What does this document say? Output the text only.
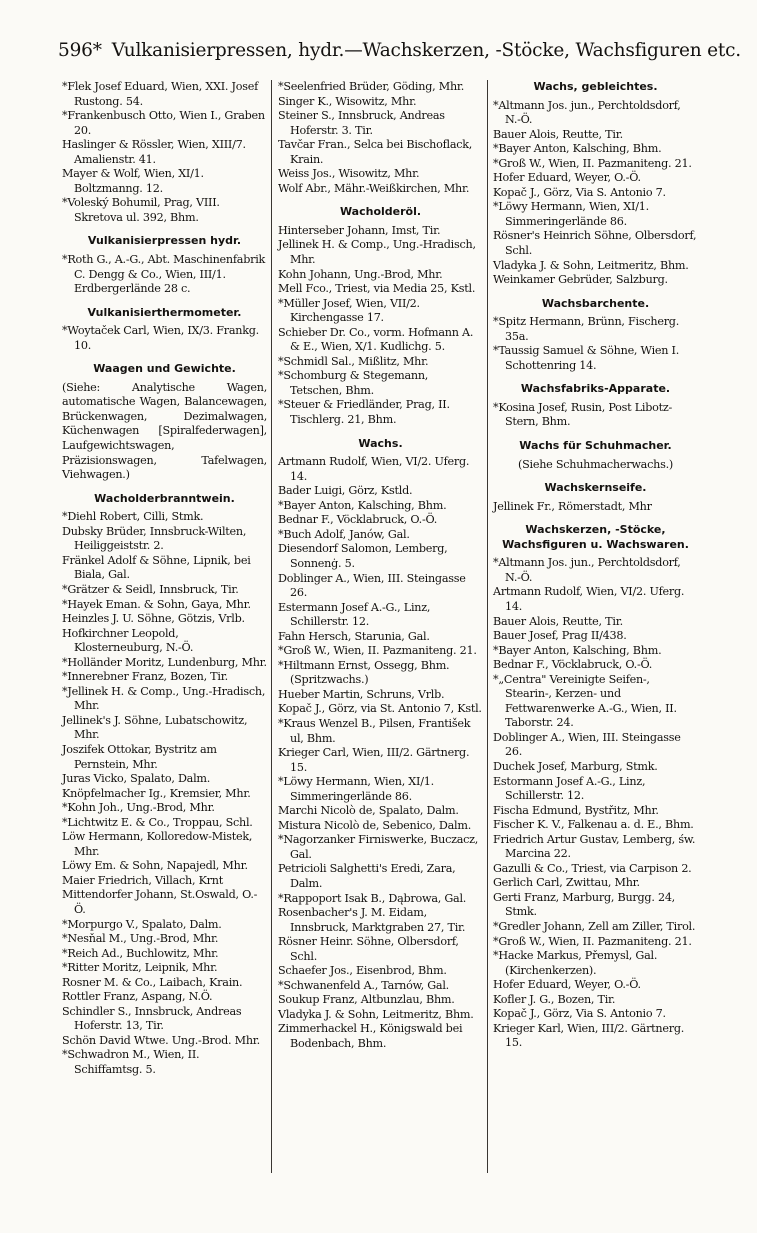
596* Vulkanisierpressen, hydr.—Wachskerzen, -Stöcke, Wachsfiguren etc.
*Flek Josef Eduard, Wien, XXI. Josef Rustong. 54.
*Frankenbusch Otto, Wien I., Graben 20.
Haslinger & Rössler, Wien, XIII/7. Amalienstr. 41.
Mayer & Wolf, Wien, XI/1. Boltzmanng. 12.
*Voleský Bohumil, Prag, VIII. Skretova ul. 392, Bhm.
Vulkanisierpressen hydr.
*Roth G., A.-G., Abt. Maschinenfabrik C. Dengg & Co., Wien, III/1. Erdbergerlände 28 c.
Vulkanisierthermometer.
*Woytaček Carl, Wien, IX/3. Frankg. 10.
Waagen und Gewichte.
(Siehe: Analytische Wagen, automatische Wagen, Balancewagen, Brückenwagen, Dezimalwagen, Küchenwagen [Spiralfederwagen], Laufgewichtswagen, Präzisionswagen, Tafelwagen, Viehwagen.)
Wacholderbranntwein.
*Diehl Robert, Cilli, Stmk.
Dubsky Brüder, Innsbruck-Wilten, Heiliggeiststr. 2.
Fränkel Adolf & Söhne, Lipnik, bei Biala, Gal.
*Grätzer & Seidl, Innsbruck, Tir.
*Hayek Eman. & Sohn, Gaya, Mhr.
Heinzles J. U. Söhne, Götzis, Vrlb.
Hofkirchner Leopold, Klosterneuburg, N.-Ö.
*Holländer Moritz, Lundenburg, Mhr.
*Innerebner Franz, Bozen, Tir.
*Jellinek H. & Comp., Ung.-Hradisch, Mhr.
Jellinek's J. Söhne, Lubatschowitz, Mhr.
Joszifek Ottokar, Bystritz am Pernstein, Mhr.
Juras Vicko, Spalato, Dalm.
Knöpfelmacher Ig., Kremsier, Mhr.
*Kohn Joh., Ung.-Brod, Mhr.
*Lichtwitz E. & Co., Troppau, Schl.
Löw Hermann, Kolloredow-Mistek, Mhr.
Löwy Em. & Sohn, Napajedl, Mhr.
Maier Friedrich, Villach, Krnt
Mittendorfer Johann, St.Oswald, O.-Ö.
*Morpurgo V., Spalato, Dalm.
*Nesňal M., Ung.-Brod, Mhr.
*Reich Ad., Buchlowitz, Mhr.
*Ritter Moritz, Leipnik, Mhr.
Rosner M. & Co., Laibach, Krain.
Rottler Franz, Aspang, N.Ö.
Schindler S., Innsbruck, Andreas Hoferstr. 13, Tir.
Schön David Wtwe. Ung.-Brod. Mhr.
*Schwadron M., Wien, II. Schiffamtsg. 5.
*Seelenfried Brüder, Göding, Mhr.
Singer K., Wisowitz, Mhr.
Steiner S., Innsbruck, Andreas Hoferstr. 3. Tir.
Tavčar Fran., Selca bei Bischoflack, Krain.
Weiss Jos., Wisowitz, Mhr.
Wolf Abr., Mähr.-Weißkirchen, Mhr.
Wacholderöl.
Hinterseber Johann, Imst, Tir.
Jellinek H. & Comp., Ung.-Hradisch, Mhr.
Kohn Johann, Ung.-Brod, Mhr.
Mell Fco., Triest, via Media 25, Kstl.
*Müller Josef, Wien, VII/2. Kirchengasse 17.
Schieber Dr. Co., vorm. Hofmann A. & E., Wien, X/1. Kudlichg. 5.
*Schmidl Sal., Mißlitz, Mhr.
*Schomburg & Stegemann, Tetschen, Bhm.
*Steuer & Friedländer, Prag, II. Tischlerg. 21, Bhm.
Wachs.
Artmann Rudolf, Wien, VI/2. Uferg. 14.
Bader Luigi, Görz, Kstld.
*Bayer Anton, Kalsching, Bhm.
Bednar F., Vöcklabruck, O.-Ö.
*Buch Adolf, Janów, Gal.
Diesendorf Salomon, Lemberg, Sonnenġ. 5.
Doblinger A., Wien, III. Steingasse 26.
Estermann Josef A.-G., Linz, Schillerstr. 12.
Fahn Hersch, Starunia, Gal.
*Groß W., Wien, II. Pazmaniteng. 21.
*Hiltmann Ernst, Ossegg, Bhm. (Spritzwachs.)
Hueber Martin, Schruns, Vrlb.
Kopač J., Görz, via St. Antonio 7, Kstl.
*Kraus Wenzel B., Pilsen, František ul, Bhm.
Krieger Carl, Wien, III/2. Gärtnerg. 15.
*Löwy Hermann, Wien, XI/1. Simmeringerlände 86.
Marchi Nicolò de, Spalato, Dalm.
Mistura Nicolò de, Sebenico, Dalm.
*Nagorzanker Firniswerke, Buczacz, Gal.
Petricioli Salghetti's Eredi, Zara, Dalm.
*Rappoport Isak B., Dąbrowa, Gal.
Rosenbacher's J. M. Eidam, Innsbruck, Marktgraben 27, Tir.
Rösner Heinr. Söhne, Olbersdorf, Schl.
Schaefer Jos., Eisenbrod, Bhm.
*Schwanenfeld A., Tarnów, Gal.
Soukup Franz, Altbunzlau, Bhm.
Vladyka J. & Sohn, Leitmeritz, Bhm.
Zimmerhackel H., Königswald bei Bodenbach, Bhm.
Wachs, gebleichtes.
*Altmann Jos. jun., Perchtoldsdorf, N.-Ö.
Bauer Alois, Reutte, Tir.
*Bayer Anton, Kalsching, Bhm.
*Groß W., Wien, II. Pazmaniteng. 21.
Hofer Eduard, Weyer, O.-Ö.
Kopač J., Görz, Via S. Antonio 7.
*Löwy Hermann, Wien, XI/1. Simmeringerlände 86.
Rösner's Heinrich Söhne, Olbersdorf, Schl.
Vladyka J. & Sohn, Leitmeritz, Bhm.
Weinkamer Gebrüder, Salzburg.
Wachsbarchente.
*Spitz Hermann, Brünn, Fischerg. 35a.
*Taussig Samuel & Söhne, Wien I. Schottenring 14.
Wachsfabriks-Apparate.
*Kosina Josef, Rusin, Post Libotz-Stern, Bhm.
Wachs für Schuhmacher.
(Siehe Schuhmacherwachs.)
Wachskernseife.
Jellinek Fr., Römerstadt, Mhr
Wachskerzen, -Stöcke, Wachsfiguren u. Wachswaren.
*Altmann Jos. jun., Perchtoldsdorf, N.-Ö.
Artmann Rudolf, Wien, VI/2. Uferg. 14.
Bauer Alois, Reutte, Tir.
Bauer Josef, Prag II/438.
*Bayer Anton, Kalsching, Bhm.
Bednar F., Vöcklabruck, O.-Ö.
*„Centra" Vereinigte Seifen-, Stearin-, Kerzen- und Fettwarenwerke A.-G., Wien, II. Taborstr. 24.
Doblinger A., Wien, III. Steingasse 26.
Duchek Josef, Marburg, Stmk.
Estormann Josef A.-G., Linz, Schillerstr. 12.
Fischa Edmund, Bystřitz, Mhr.
Fischer K. V., Falkenau a. d. E., Bhm.
Friedrich Artur Gustav, Lemberg, św. Marcina 22.
Gazulli & Co., Triest, via Carpison 2.
Gerlich Carl, Zwittau, Mhr.
Gerti Franz, Marburg, Burgg. 24, Stmk.
*Gredler Johann, Zell am Ziller, Tirol.
*Groß W., Wien, II. Pazmaniteng. 21.
*Hacke Markus, Přemysl, Gal. (Kirchenkerzen).
Hofer Eduard, Weyer, O.-Ö.
Kofler J. G., Bozen, Tir.
Kopač J., Görz, Via S. Antonio 7.
Krieger Karl, Wien, III/2. Gärtnerg. 15.
